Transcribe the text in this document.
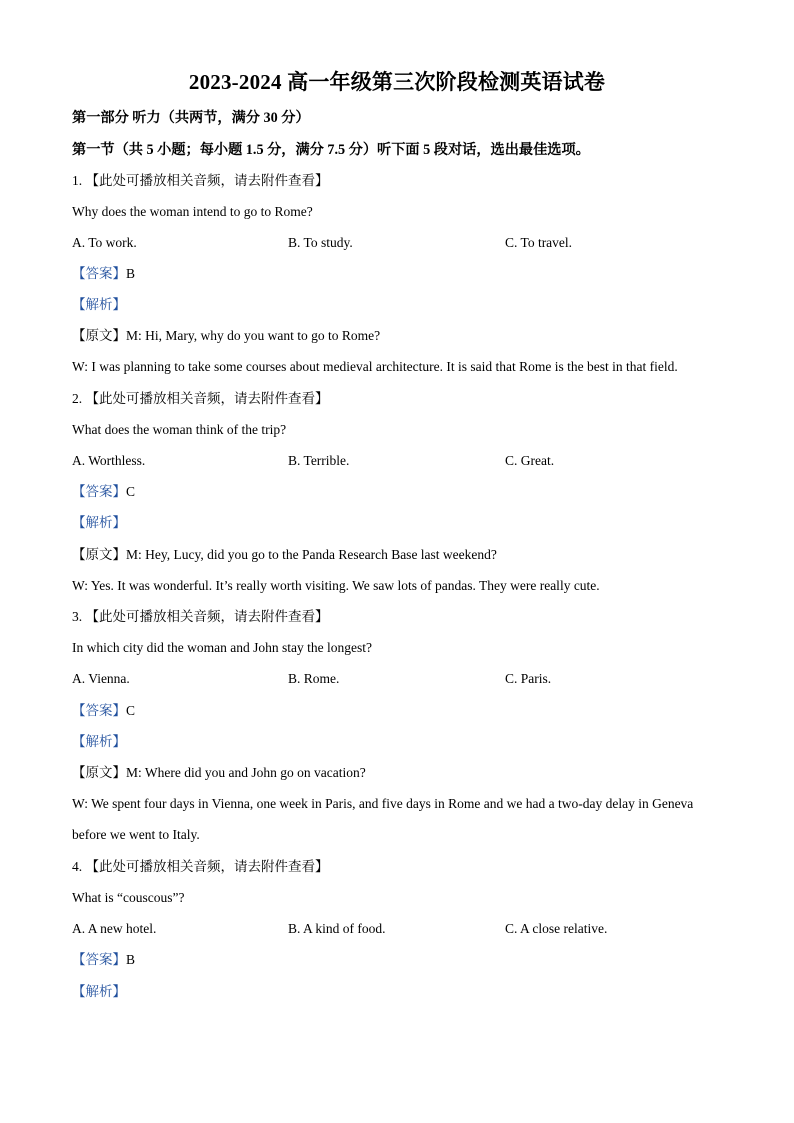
2023-2024 高一年级第三次阶段检测英语试卷
第一部分 听力（共两节，满分 30 分）
第一节（共 5 小题；每小题 1.5 分，满分 7.5 分）听下面 5 段对话，选出最佳选项。
1. 【此处可播放相关音频，请去附件查看】
Why does the woman intend to go to Rome?
A. To work.	B. To study.	C. To travel.
【答案】B
【解析】
【原文】M: Hi, Mary, why do you want to go to Rome?
W: I was planning to take some courses about medieval architecture. It is said that Rome is the best in that field.
2. 【此处可播放相关音频，请去附件查看】
What does the woman think of the trip?
A. Worthless.	B. Terrible.	C. Great.
【答案】C
【解析】
【原文】M: Hey, Lucy, did you go to the Panda Research Base last weekend?
W: Yes. It was wonderful. It’s really worth visiting. We saw lots of pandas. They were really cute.
3. 【此处可播放相关音频，请去附件查看】
In which city did the woman and John stay the longest?
A. Vienna.	B. Rome.	C. Paris.
【答案】C
【解析】
【原文】M: Where did you and John go on vacation?
W: We spent four days in Vienna, one week in Paris, and five days in Rome and we had a two-day delay in Geneva
before we went to Italy.
4. 【此处可播放相关音频，请去附件查看】
What is “couscous”?
A. A new hotel.	B. A kind of food.	C. A close relative.
【答案】B
【解析】
